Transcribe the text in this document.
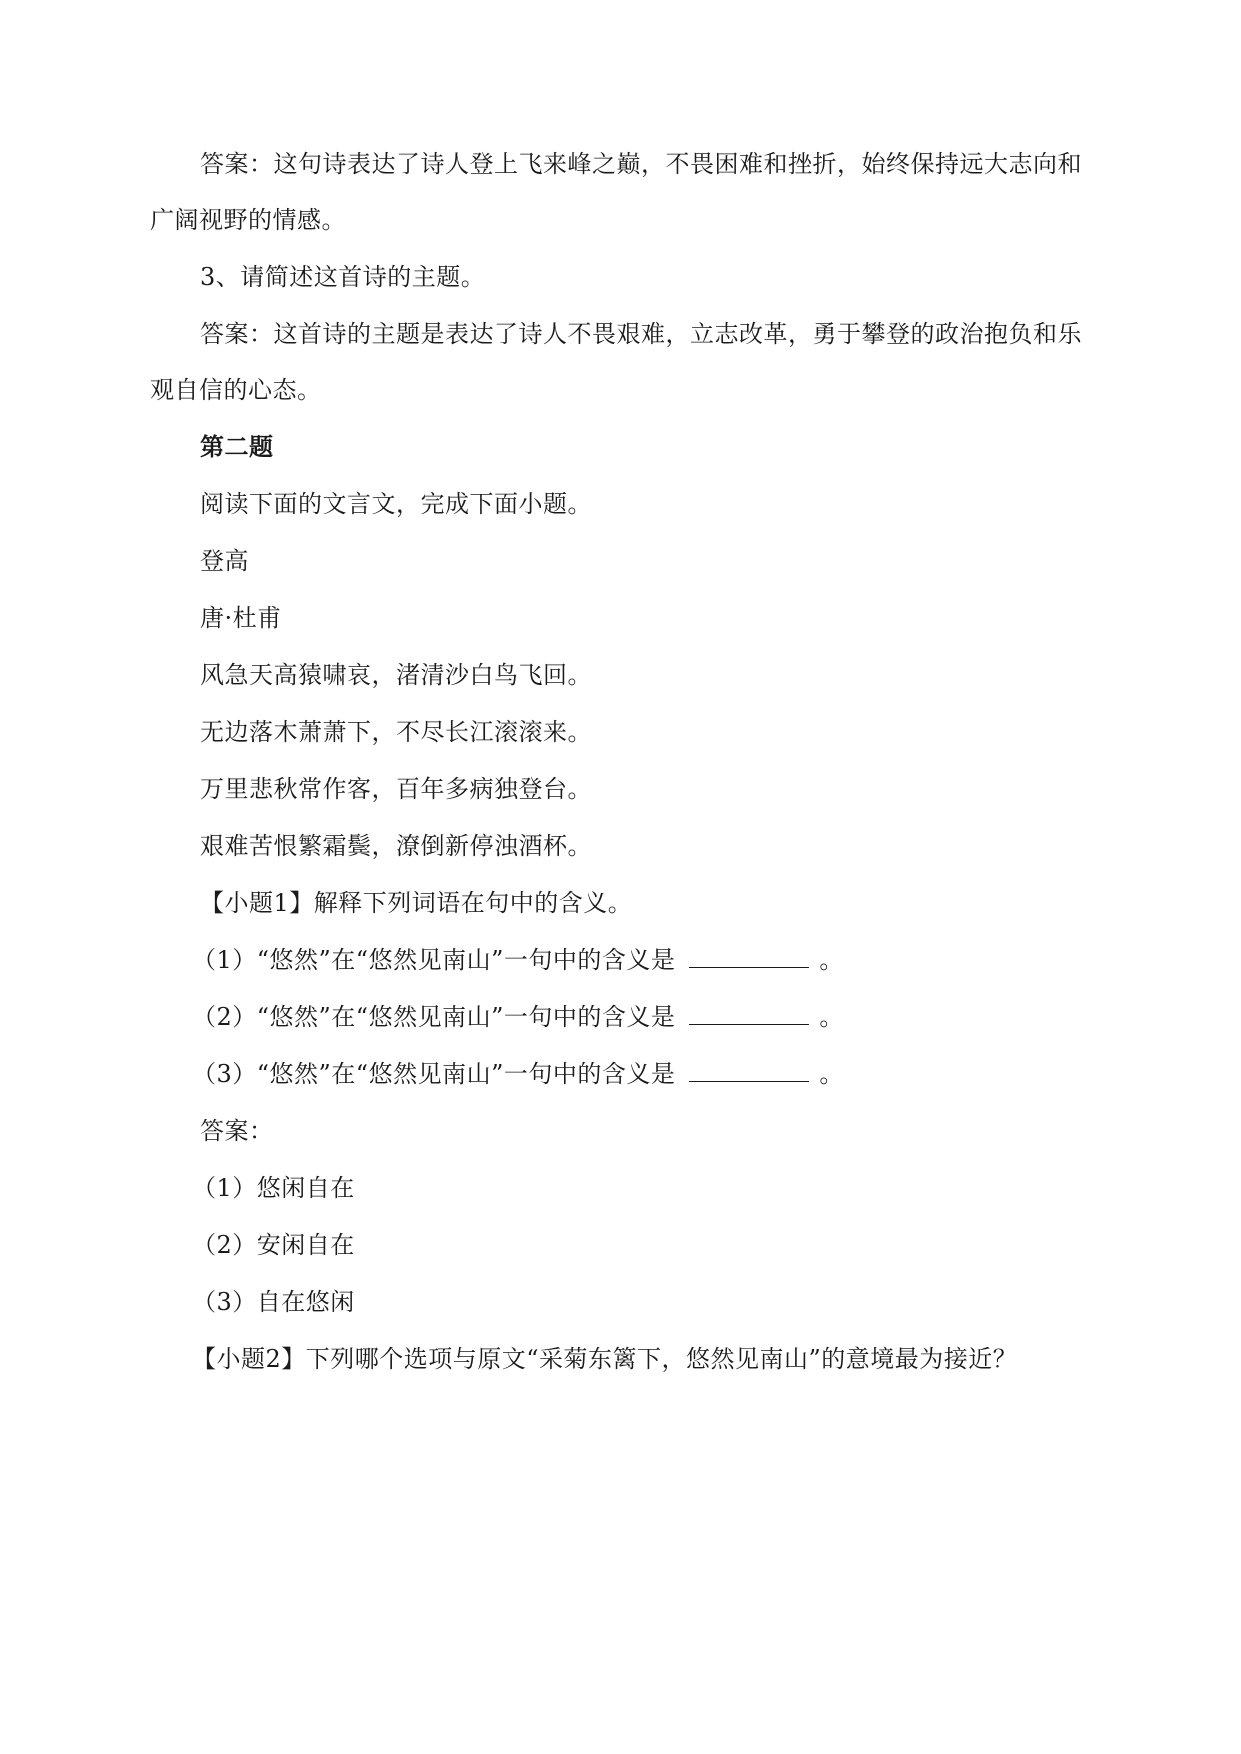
答案：这句诗表达了诗人登上飞来峰之巅，不畏困难和挫折，始终保持远大志向和
广阔视野的情感。
3、请简述这首诗的主题。
答案：这首诗的主题是表达了诗人不畏艰难，立志改革，勇于攀登的政治抱负和乐
观自信的心态。
第二题
阅读下面的文言文，完成下面小题。
登高
唐·杜甫
风急天高猿啸哀，渚清沙白鸟飞回。
无边落木萧萧下，不尽长江滚滚来。
万里悲秋常作客，百年多病独登台。
艰难苦恨繁霜鬓，潦倒新停浊酒杯。
【小题1】解释下列词语在句中的含义。
（1）“悠然”在“悠然见南山”一句中的含义是	。
（2）“悠然”在“悠然见南山”一句中的含义是	。
（3）“悠然”在“悠然见南山”一句中的含义是	。
答案：
（1）悠闲自在
（2）安闲自在
（3）自在悠闲
【小题2】下列哪个选项与原文“采菊东篱下，悠然见南山”的意境最为接近？
